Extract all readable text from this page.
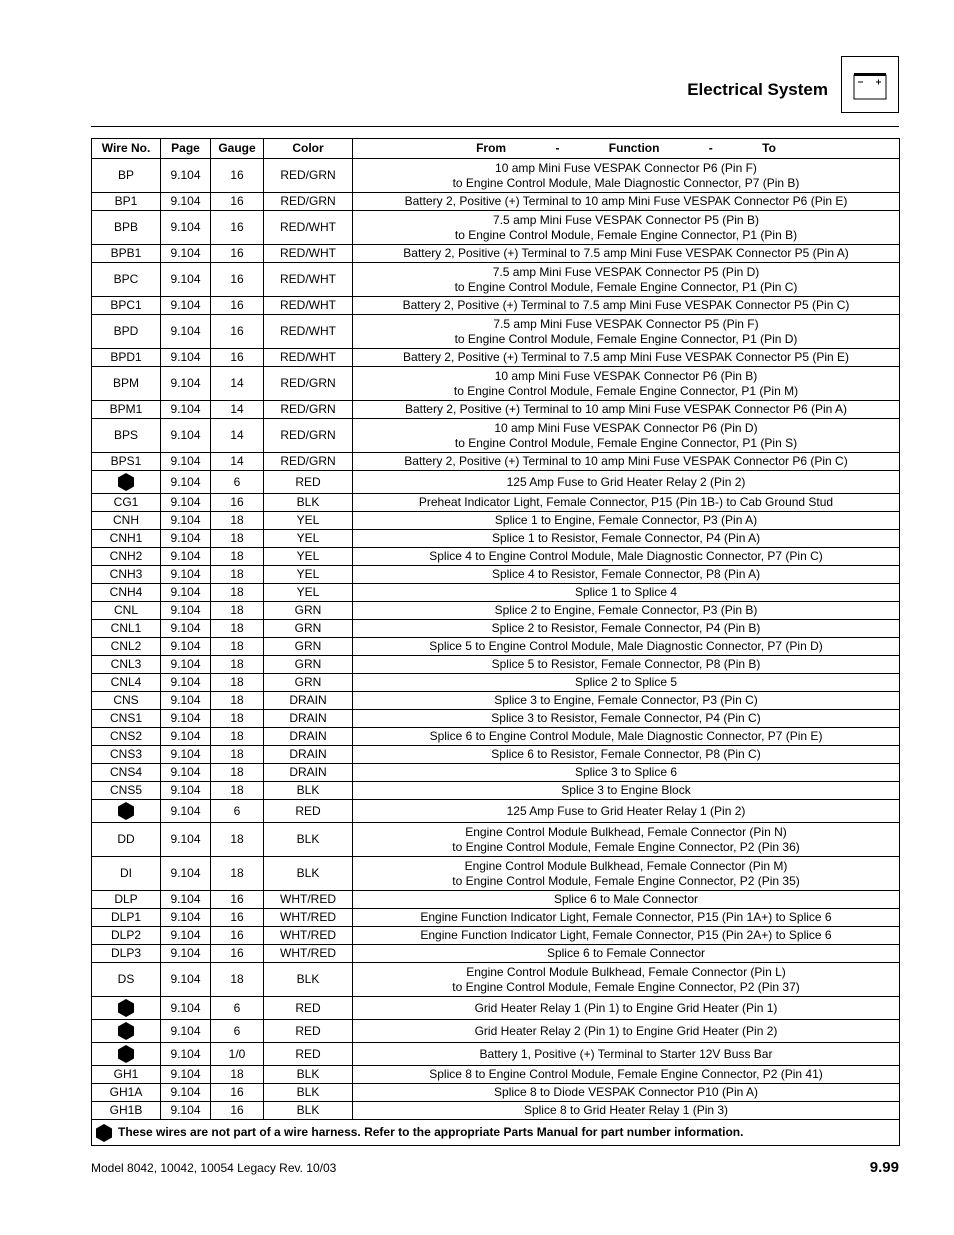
Electrical System
Wire No.	Page	Gauge	Color	From - Function - To
BP	9.104	16	RED/GRN	10 amp Mini Fuse VESPAK Connector P6 (Pin F)
to Engine Control Module, Male Diagnostic Connector, P7 (Pin B)

BP1	9.104	16	RED/GRN	Battery 2, Positive (+) Terminal to 10 amp Mini Fuse VESPAK Connector P6 (Pin E)

BPB	9.104	16	RED/WHT	7.5 amp Mini Fuse VESPAK Connector P5 (Pin B)
to Engine Control Module, Female Engine Connector, P1 (Pin B)

BPB1	9.104	16	RED/WHT	Battery 2, Positive (+) Terminal to 7.5 amp Mini Fuse VESPAK Connector P5 (Pin A)

BPC	9.104	16	RED/WHT	7.5 amp Mini Fuse VESPAK Connector P5 (Pin D)
to Engine Control Module, Female Engine Connector, P1 (Pin C)

BPC1	9.104	16	RED/WHT	Battery 2, Positive (+) Terminal to 7.5 amp Mini Fuse VESPAK Connector P5 (Pin C)

BPD	9.104	16	RED/WHT	7.5 amp Mini Fuse VESPAK Connector P5 (Pin F)
to Engine Control Module, Female Engine Connector, P1 (Pin D)

BPD1	9.104	16	RED/WHT	Battery 2, Positive (+) Terminal to 7.5 amp Mini Fuse VESPAK Connector P5 (Pin E)

BPM	9.104	14	RED/GRN	10 amp Mini Fuse VESPAK Connector P6 (Pin B)
to Engine Control Module, Female Engine Connector, P1 (Pin M)

BPM1	9.104	14	RED/GRN	Battery 2, Positive (+) Terminal to 10 amp Mini Fuse VESPAK Connector P6 (Pin A)

BPS	9.104	14	RED/GRN	10 amp Mini Fuse VESPAK Connector P6 (Pin D)
to Engine Control Module, Female Engine Connector, P1 (Pin S)

BPS1	9.104	14	RED/GRN	Battery 2, Positive (+) Terminal to 10 amp Mini Fuse VESPAK Connector P6 (Pin C)

	9.104	6	RED	125 Amp Fuse to Grid Heater Relay 2 (Pin 2)

CG1	9.104	16	BLK	Preheat Indicator Light, Female Connector, P15 (Pin 1B-) to Cab Ground Stud

CNH	9.104	18	YEL	Splice 1 to Engine, Female Connector, P3 (Pin A)

CNH1	9.104	18	YEL	Splice 1 to Resistor, Female Connector, P4 (Pin A)

CNH2	9.104	18	YEL	Splice 4 to Engine Control Module, Male Diagnostic Connector, P7 (Pin C)

CNH3	9.104	18	YEL	Splice 4 to Resistor, Female Connector, P8 (Pin A)

CNH4	9.104	18	YEL	Splice 1 to Splice 4

CNL	9.104	18	GRN	Splice 2 to Engine, Female Connector, P3 (Pin B)

CNL1	9.104	18	GRN	Splice 2 to Resistor, Female Connector, P4 (Pin B)

CNL2	9.104	18	GRN	Splice 5 to Engine Control Module, Male Diagnostic Connector, P7 (Pin D)

CNL3	9.104	18	GRN	Splice 5 to Resistor, Female Connector, P8 (Pin B)

CNL4	9.104	18	GRN	Splice 2 to Splice 5

CNS	9.104	18	DRAIN	Splice 3 to Engine, Female Connector, P3 (Pin C)

CNS1	9.104	18	DRAIN	Splice 3 to Resistor, Female Connector, P4 (Pin C)

CNS2	9.104	18	DRAIN	Splice 6 to Engine Control Module, Male Diagnostic Connector, P7 (Pin E)

CNS3	9.104	18	DRAIN	Splice 6 to Resistor, Female Connector, P8 (Pin C)

CNS4	9.104	18	DRAIN	Splice 3 to Splice 6

CNS5	9.104	18	BLK	Splice 3 to Engine Block

	9.104	6	RED	125 Amp Fuse to Grid Heater Relay 1 (Pin 2)

DD	9.104	18	BLK	Engine Control Module Bulkhead, Female Connector (Pin N)
to Engine Control Module, Female Engine Connector, P2 (Pin 36)

DI	9.104	18	BLK	Engine Control Module Bulkhead, Female Connector (Pin M)
to Engine Control Module, Female Engine Connector, P2 (Pin 35)

DLP	9.104	16	WHT/RED	Splice 6 to Male Connector

DLP1	9.104	16	WHT/RED	Engine Function Indicator Light, Female Connector, P15 (Pin 1A+) to Splice 6

DLP2	9.104	16	WHT/RED	Engine Function Indicator Light, Female Connector, P15 (Pin 2A+) to Splice 6

DLP3	9.104	16	WHT/RED	Splice 6 to Female Connector

DS	9.104	18	BLK	Engine Control Module Bulkhead, Female Connector (Pin L)
to Engine Control Module, Female Engine Connector, P2 (Pin 37)

	9.104	6	RED	Grid Heater Relay 1 (Pin 1) to Engine Grid Heater (Pin 1)

	9.104	6	RED	Grid Heater Relay 2 (Pin 1) to Engine Grid Heater (Pin 2)

	9.104	1/0	RED	Battery 1, Positive (+) Terminal to Starter 12V Buss Bar

GH1	9.104	18	BLK	Splice 8 to Engine Control Module, Female Engine Connector, P2 (Pin 41)

GH1A	9.104	16	BLK	Splice 8 to Diode VESPAK Connector P10 (Pin A)

GH1B	9.104	16	BLK	Splice 8 to Grid Heater Relay 1 (Pin 3)

These wires are not part of a wire harness. Refer to the appropriate Parts Manual for part number information.				
Model 8042, 10042, 10054 Legacy Rev. 10/03	9.99
